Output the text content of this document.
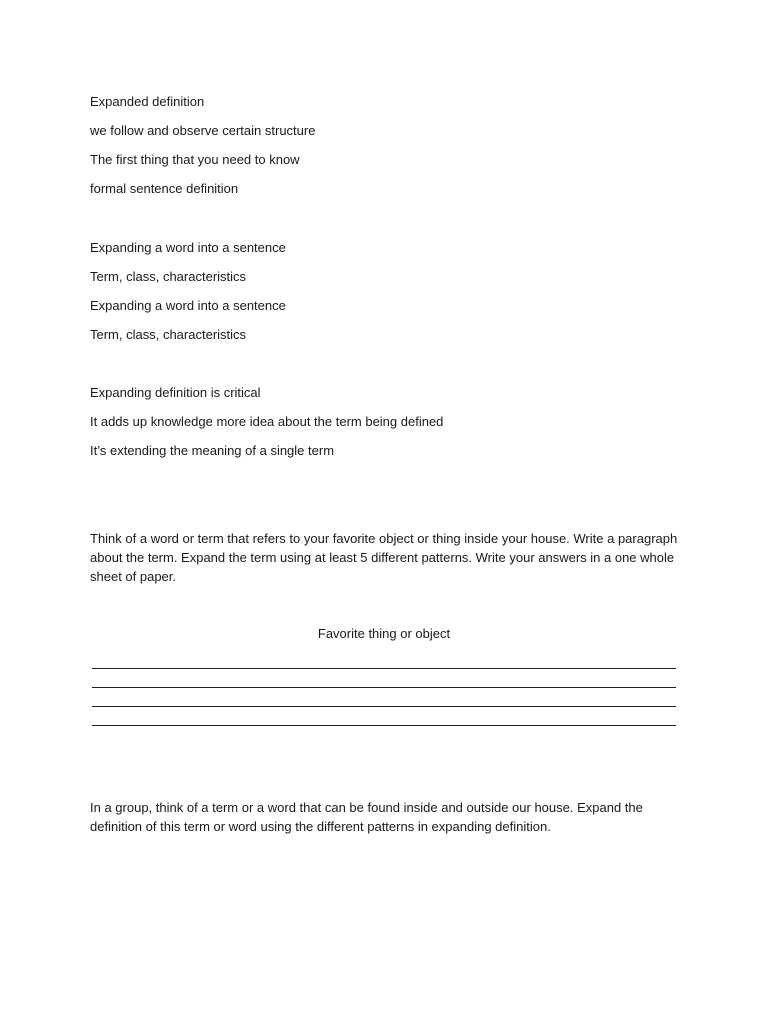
Expanded definition
we follow and observe certain structure
The first thing that you need to know
formal sentence definition
Expanding a word into a sentence
Term, class, characteristics
Expanding a word into a sentence
Term, class, characteristics
Expanding definition is critical
It adds up knowledge more idea about the term being defined
It’s extending the meaning of a single term
Think of a word or term that refers to your favorite object or thing inside your house. Write a paragraph about the term. Expand the term using at least 5 different patterns. Write your answers in a one whole sheet of paper.
Favorite thing or object
In a group, think of a term or a word that can be found inside and outside our house. Expand the definition of this term or word using the different patterns in expanding definition.
